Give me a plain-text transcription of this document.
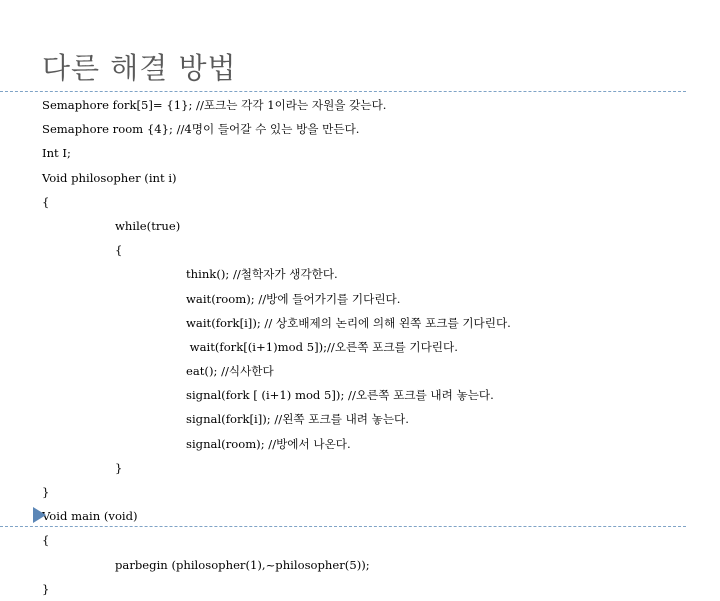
다른 해결 방법
Semaphore fork[5]= {1}; //포크는 각각 1이라는 자원을 갖는다.
Semaphore room {4}; //4명이 들어갈 수 있는 방을 만든다.
Int I;
Void philosopher (int i)
{
while(true)
{
think(); //철학자가 생각한다.
wait(room); //방에 들어가기를 기다린다.
wait(fork[i]); // 상호배제의 논리에 의해 왼쪽 포크를 기다린다.
wait(fork[(i+1)mod 5]);//오른쪽 포크를 기다린다.
eat(); //식사한다
signal(fork [ (i+1) mod 5]); //오른쪽 포크를 내려 놓는다.
signal(fork[i]); //왼쪽 포크를 내려 놓는다.
signal(room); //방에서 나온다.
}
}
Void main (void)
{
parbegin (philosopher(1),~philosopher(5));
}
